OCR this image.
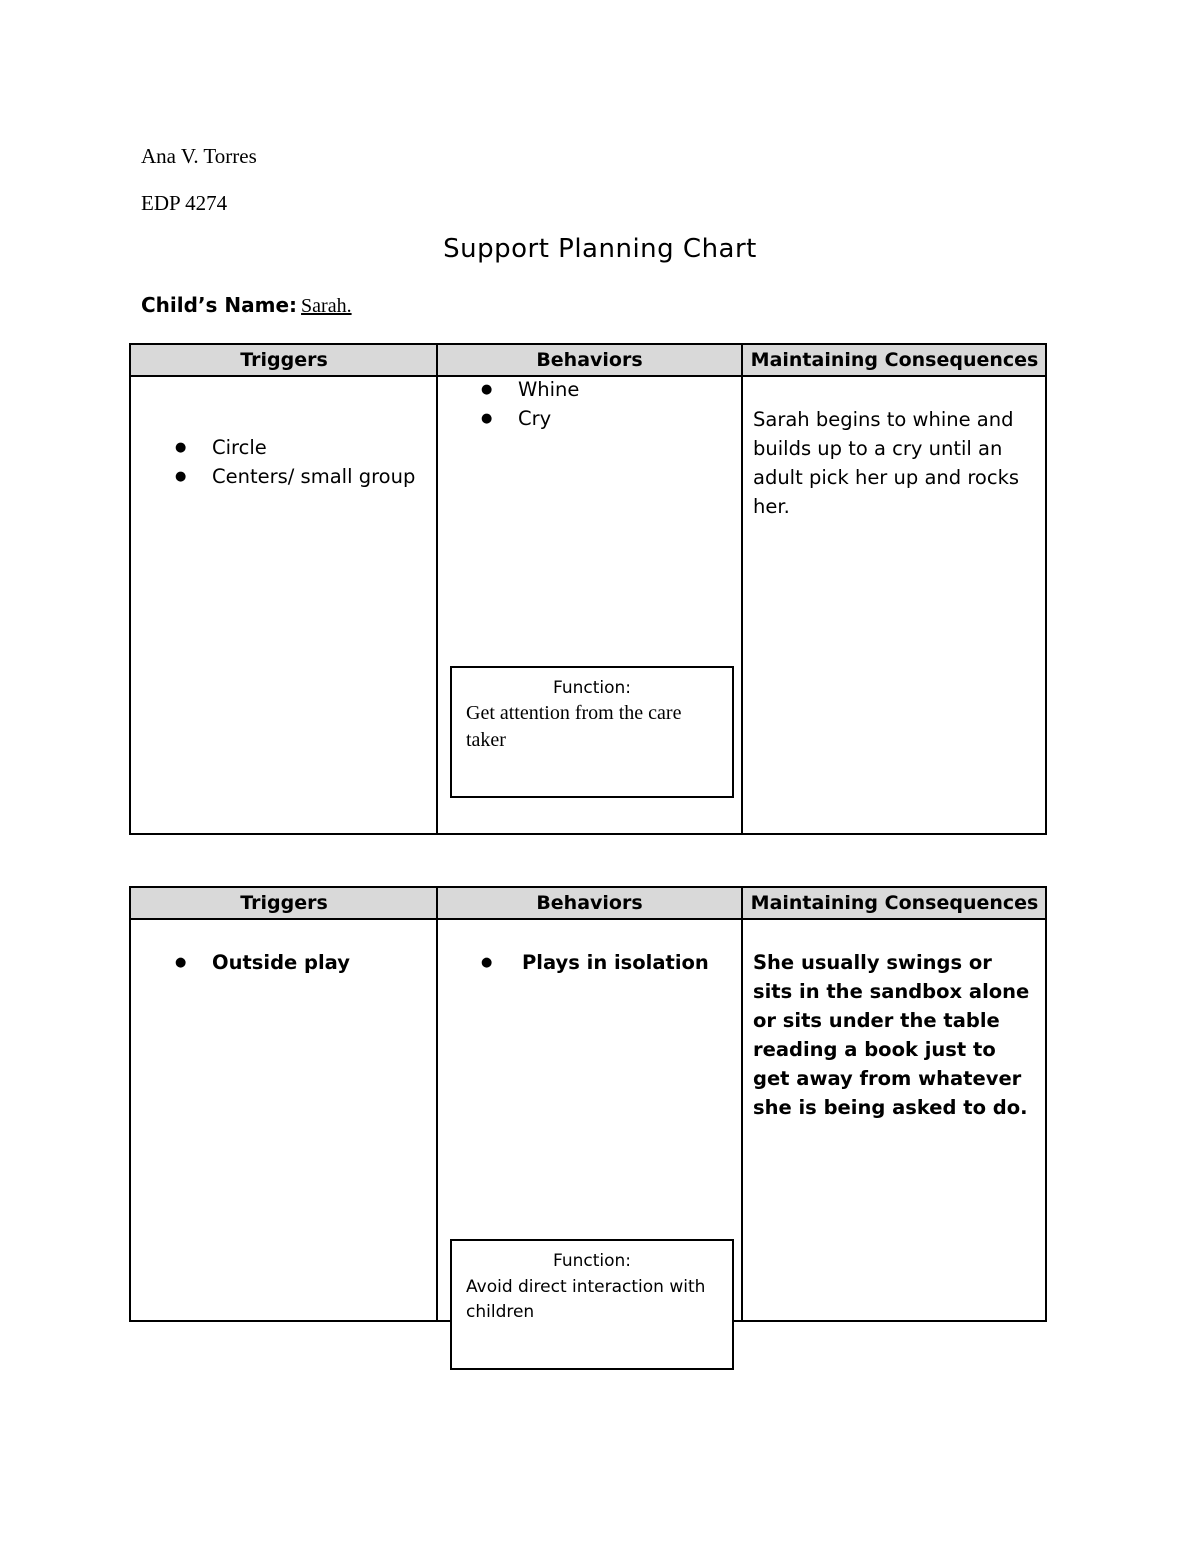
Ana V. Torres
EDP 4274
Support Planning Chart
Child’s Name: Sarah.
Triggers	Behaviors	Maintaining Consequences
● Circle
● Centers/ small group
● Whine
● Cry	Sarah begins to whine and builds up to a cry until an adult pick her up and rocks her.
Function:
Get attention from the care taker
Triggers	Behaviors	Maintaining Consequences
● Outside play
●	Plays in isolation	She usually swings or sits in the sandbox alone or sits under the table reading a book just to get away from whatever she is being asked to do.
Function:
Avoid direct interaction with children
